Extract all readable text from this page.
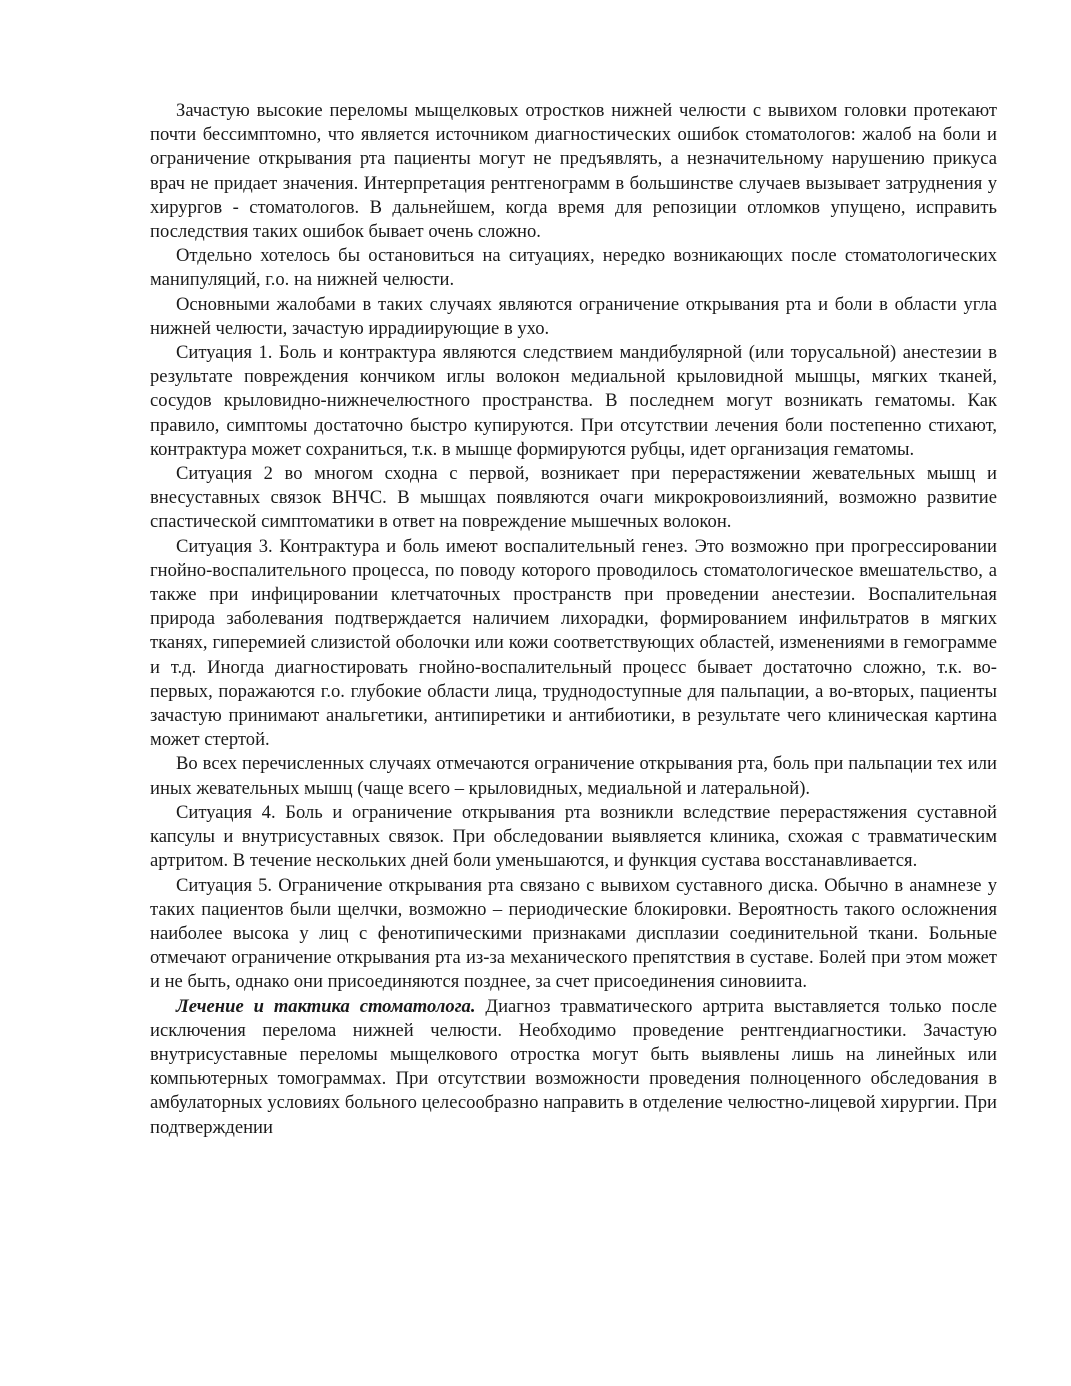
Зачастую высокие переломы мыщелковых отростков нижней челюсти с вывихом головки протекают почти бессимптомно, что является источником диагностических ошибок стоматологов: жалоб на боли и ограничение открывания рта пациенты могут не предъявлять, а незначительному нарушению прикуса врач не придает значения. Интерпретация рентгенограмм в большинстве случаев вызывает затруднения у хирургов - стоматологов. В дальнейшем, когда время для репозиции отломков упущено, исправить последствия таких ошибок бывает очень сложно.

Отдельно хотелось бы остановиться на ситуациях, нередко возникающих после стоматологических манипуляций, г.о. на нижней челюсти.

Основными жалобами в таких случаях являются ограничение открывания рта и боли в области угла нижней челюсти, зачастую иррадиирующие в ухо.

Ситуация 1. Боль и контрактура являются следствием мандибулярной (или торусальной) анестезии в результате повреждения кончиком иглы волокон медиальной крыловидной мышцы, мягких тканей, сосудов крыловидно-нижнечелюстного пространства. В последнем могут возникать гематомы. Как правило, симптомы достаточно быстро купируются. При отсутствии лечения боли постепенно стихают, контрактура может сохраниться, т.к. в мышце формируются рубцы, идет организация гематомы.

Ситуация 2 во многом сходна с первой, возникает при перерастяжении жевательных мышц и внесуставных связок ВНЧС. В мышцах появляются очаги микрокровоизлияний, возможно развитие спастической симптоматики в ответ на повреждение мышечных волокон.

Ситуация 3. Контрактура и боль имеют воспалительный генез. Это возможно при прогрессировании гнойно-воспалительного процесса, по поводу которого проводилось стоматологическое вмешательство, а также при инфицировании клетчаточных пространств при проведении анестезии. Воспалительная природа заболевания подтверждается наличием лихорадки, формированием инфильтратов в мягких тканях, гиперемией слизистой оболочки или кожи соответствующих областей, изменениями в гемограмме и т.д. Иногда диагностировать гнойно-воспалительный процесс бывает достаточно сложно, т.к. во-первых, поражаются г.о. глубокие области лица, труднодоступные для пальпации, а во-вторых, пациенты зачастую принимают анальгетики, антипиретики и антибиотики, в результате чего клиническая картина может стертой.

Во всех перечисленных случаях отмечаются ограничение открывания рта, боль при пальпации тех или иных жевательных мышц (чаще всего – крыловидных, медиальной и латеральной).

Ситуация 4. Боль и ограничение открывания рта возникли вследствие перерастяжения суставной капсулы и внутрисуставных связок. При обследовании выявляется клиника, схожая с травматическим артритом. В течение нескольких дней боли уменьшаются, и функция сустава восстанавливается.

Ситуация 5. Ограничение открывания рта связано с вывихом суставного диска. Обычно в анамнезе у таких пациентов были щелчки, возможно – периодические блокировки. Вероятность такого осложнения наиболее высока у лиц с фенотипическими признаками дисплазии соединительной ткани. Больные отмечают ограничение открывания рта из-за механического препятствия в суставе. Болей при этом может и не быть, однако они присоединяются позднее, за счет присоединения синовиита.

Лечение и тактика стоматолога. Диагноз травматического артрита выставляется только после исключения перелома нижней челюсти. Необходимо проведение рентгендиагностики. Зачастую внутрисуставные переломы мыщелкового отростка могут быть выявлены лишь на линейных или компьютерных томограммах. При отсутствии возможности проведения полноценного обследования в амбулаторных условиях больного целесообразно направить в отделение челюстно-лицевой хирургии. При подтверждении
